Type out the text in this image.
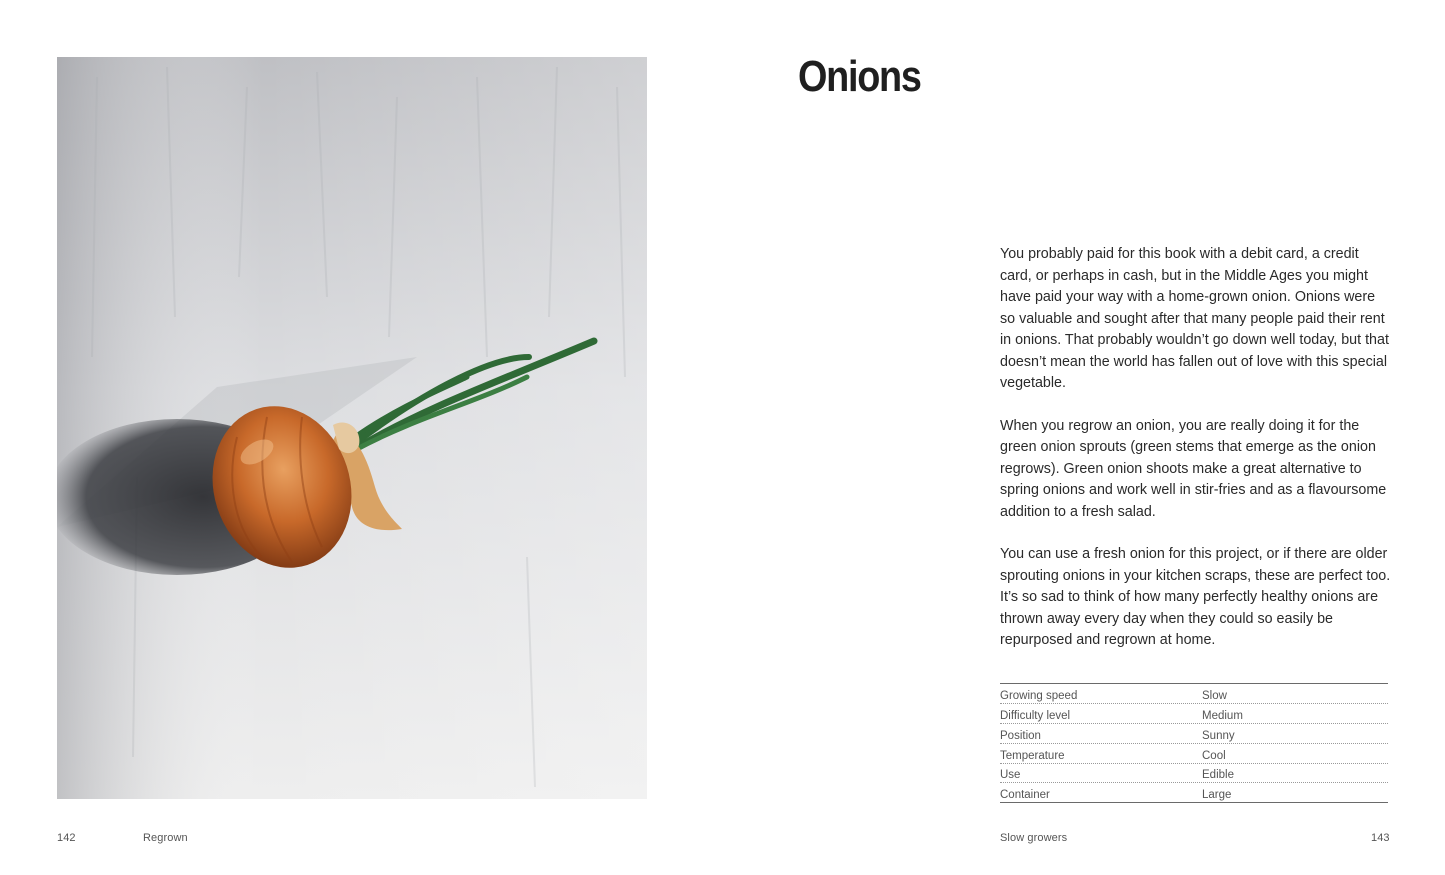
142	Regrown
Onions

You probably paid for this book with a debit card, a credit card, or perhaps in cash, but in the Middle Ages you might have paid your way with a home-grown onion. Onions were so valuable and sought after that many people paid their rent in onions. That probably wouldn’t go down well today, but that doesn’t mean the world has fallen out of love with this special vegetable.

When you regrow an onion, you are really doing it for the green onion sprouts (green stems that emerge as the onion regrows). Green onion shoots make a great alternative to spring onions and work well in stir-fries and as a flavoursome addition to a fresh salad.

You can use a fresh onion for this project, or if there are older sprouting onions in your kitchen scraps, these are perfect too. It’s so sad to think of how many perfectly healthy onions are thrown away every day when they could so easily be repurposed and regrown at home.

Growing speed	Slow
Difficulty level	Medium
Position	Sunny
Temperature	Cool
Use	Edible
Container	Large
Slow growers	143
